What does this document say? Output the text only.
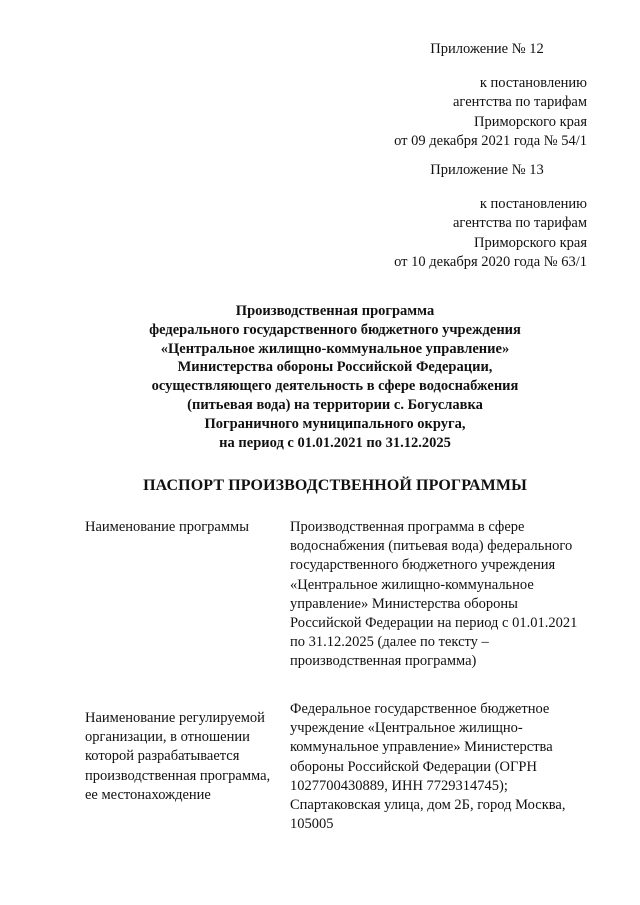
Приложение № 12
к постановлению
агентства по тарифам
Приморского края
от 09 декабря 2021 года № 54/1
Приложение № 13
к постановлению
агентства по тарифам
Приморского края
от 10 декабря 2020 года № 63/1
Производственная программа
федерального государственного бюджетного учреждения
«Центральное жилищно-коммунальное управление»
Министерства обороны Российской Федерации,
осуществляющего деятельность в сфере водоснабжения
(питьевая вода) на территории с. Богуславка
Пограничного муниципального округа,
на период с 01.01.2021 по 31.12.2025
ПАСПОРТ ПРОИЗВОДСТВЕННОЙ ПРОГРАММЫ
Наименование программы	Производственная программа в сфере
водоснабжения (питьевая вода) федерального
государственного бюджетного учреждения
«Центральное жилищно-коммунальное
управление» Министерства обороны
Российской Федерации на период с 01.01.2021
по 31.12.2025 (далее по тексту –
производственная программа)
Наименование регулируемой
организации, в отношении
которой разрабатывается
производственная программа,
ее местонахождение
Федеральное государственное бюджетное
учреждение «Центральное жилищно-
коммунальное управление» Министерства
обороны Российской Федерации (ОГРН
1027700430889, ИНН 7729314745);
Спартаковская улица, дом 2Б, город Москва,
105005
